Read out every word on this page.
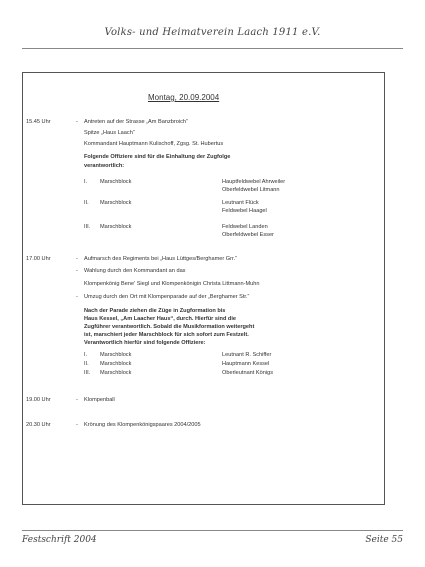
Volks- und Heimatverein Laach 1911 e.V.
Montag, 20.09.2004
15.45 Uhr	- Antreten auf der Strasse „Am Banzbroich“
Spitze „Haus Laach“
Kommandant Hauptmann Kulischoff, Zgsg. St. Hubertus
Folgende Offiziere sind für die Einhaltung der Zugfolge
verantwortlich:
I. Marschblock	Hauptfeldwebel Ahrweiler
Oberfeldwebel Litmann
II. Marschblock	Leutnant Flück
Feldwebel Haagel
III. Marschblock	Feldwebel Landen
Oberfeldwebel Esser
17.00 Uhr	- Aufmarsch des Regiments bei „Haus Lüttges/Berghamer Grr.“
- Wahlung durch den Kommandant an das
Klompenkönig Bene' Siegl und Klompenkönigin Christa Littmann-Muhn
- Umzug durch den Ort mit Klompenparade auf der „Berghamer Str.“
Nach der Parade ziehen die Züge in Zugformation bis
Haus Kessel, „Am Laacher Haus“, durch. Hierfür sind die
Zugführer verantwortlich. Sobald die Musikformation weitergeht
ist, marschiert jeder Marschblock für sich sofort zum Festzelt.
Verantwortlich hierfür sind folgende Offiziere:
I. Marschblock	Leutnant R. Schiffer
II. Marschblock	Hauptmann Kessel
III. Marschblock	Oberleutnant Königs
19.00 Uhr	- Klompenball
20.30 Uhr	- Krönung des Klompenkönigspaares 2004/2005
Festschrift 2004	Seite 55
